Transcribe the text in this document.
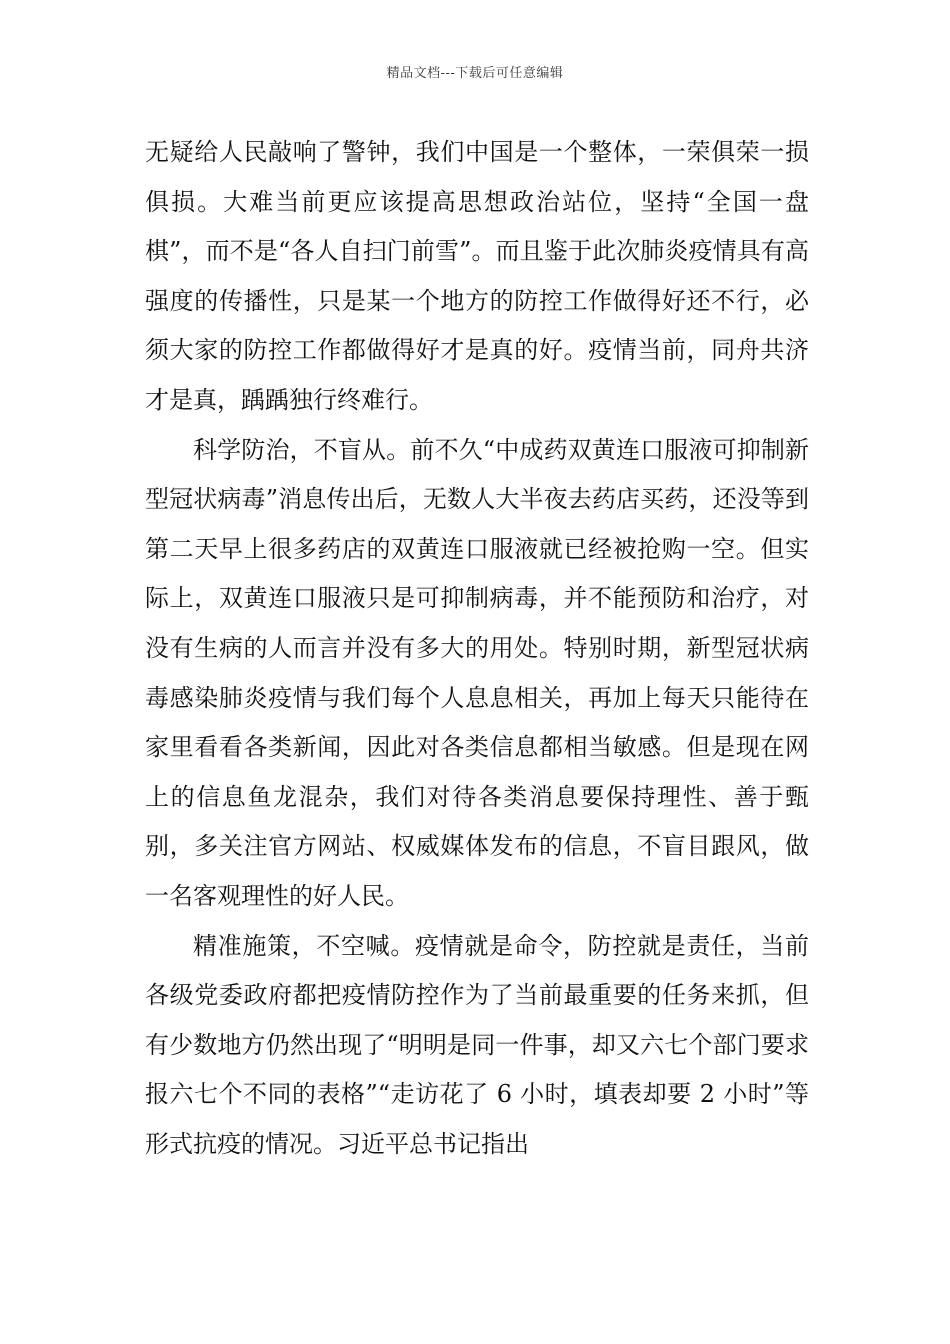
精品文档---下载后可任意编辑

无疑给人民敲响了警钟，我们中国是一个整体，一荣俱荣一损俱损。大难当前更应该提高思想政治站位，坚持“全国一盘棋”，而不是“各人自扫门前雪”。而且鉴于此次肺炎疫情具有高强度的传播性，只是某一个地方的防控工作做得好还不行，必须大家的防控工作都做得好才是真的好。疫情当前，同舟共济才是真，踽踽独行终难行。

科学防治，不盲从。前不久“中成药双黄连口服液可抑制新型冠状病毒”消息传出后，无数人大半夜去药店买药，还没等到第二天早上很多药店的双黄连口服液就已经被抢购一空。但实际上，双黄连口服液只是可抑制病毒，并不能预防和治疗，对没有生病的人而言并没有多大的用处。特别时期，新型冠状病毒感染肺炎疫情与我们每个人息息相关，再加上每天只能待在家里看看各类新闻，因此对各类信息都相当敏感。但是现在网上的信息鱼龙混杂，我们对待各类消息要保持理性、善于甄别，多关注官方网站、权威媒体发布的信息，不盲目跟风，做一名客观理性的好人民。

精准施策，不空喊。疫情就是命令，防控就是责任，当前各级党委政府都把疫情防控作为了当前最重要的任务来抓，但有少数地方仍然出现了“明明是同一件事，却又六七个部门要求报六七个不同的表格”“走访花了 6 小时，填表却要 2 小时”等形式抗疫的情况。习近平总书记指出
